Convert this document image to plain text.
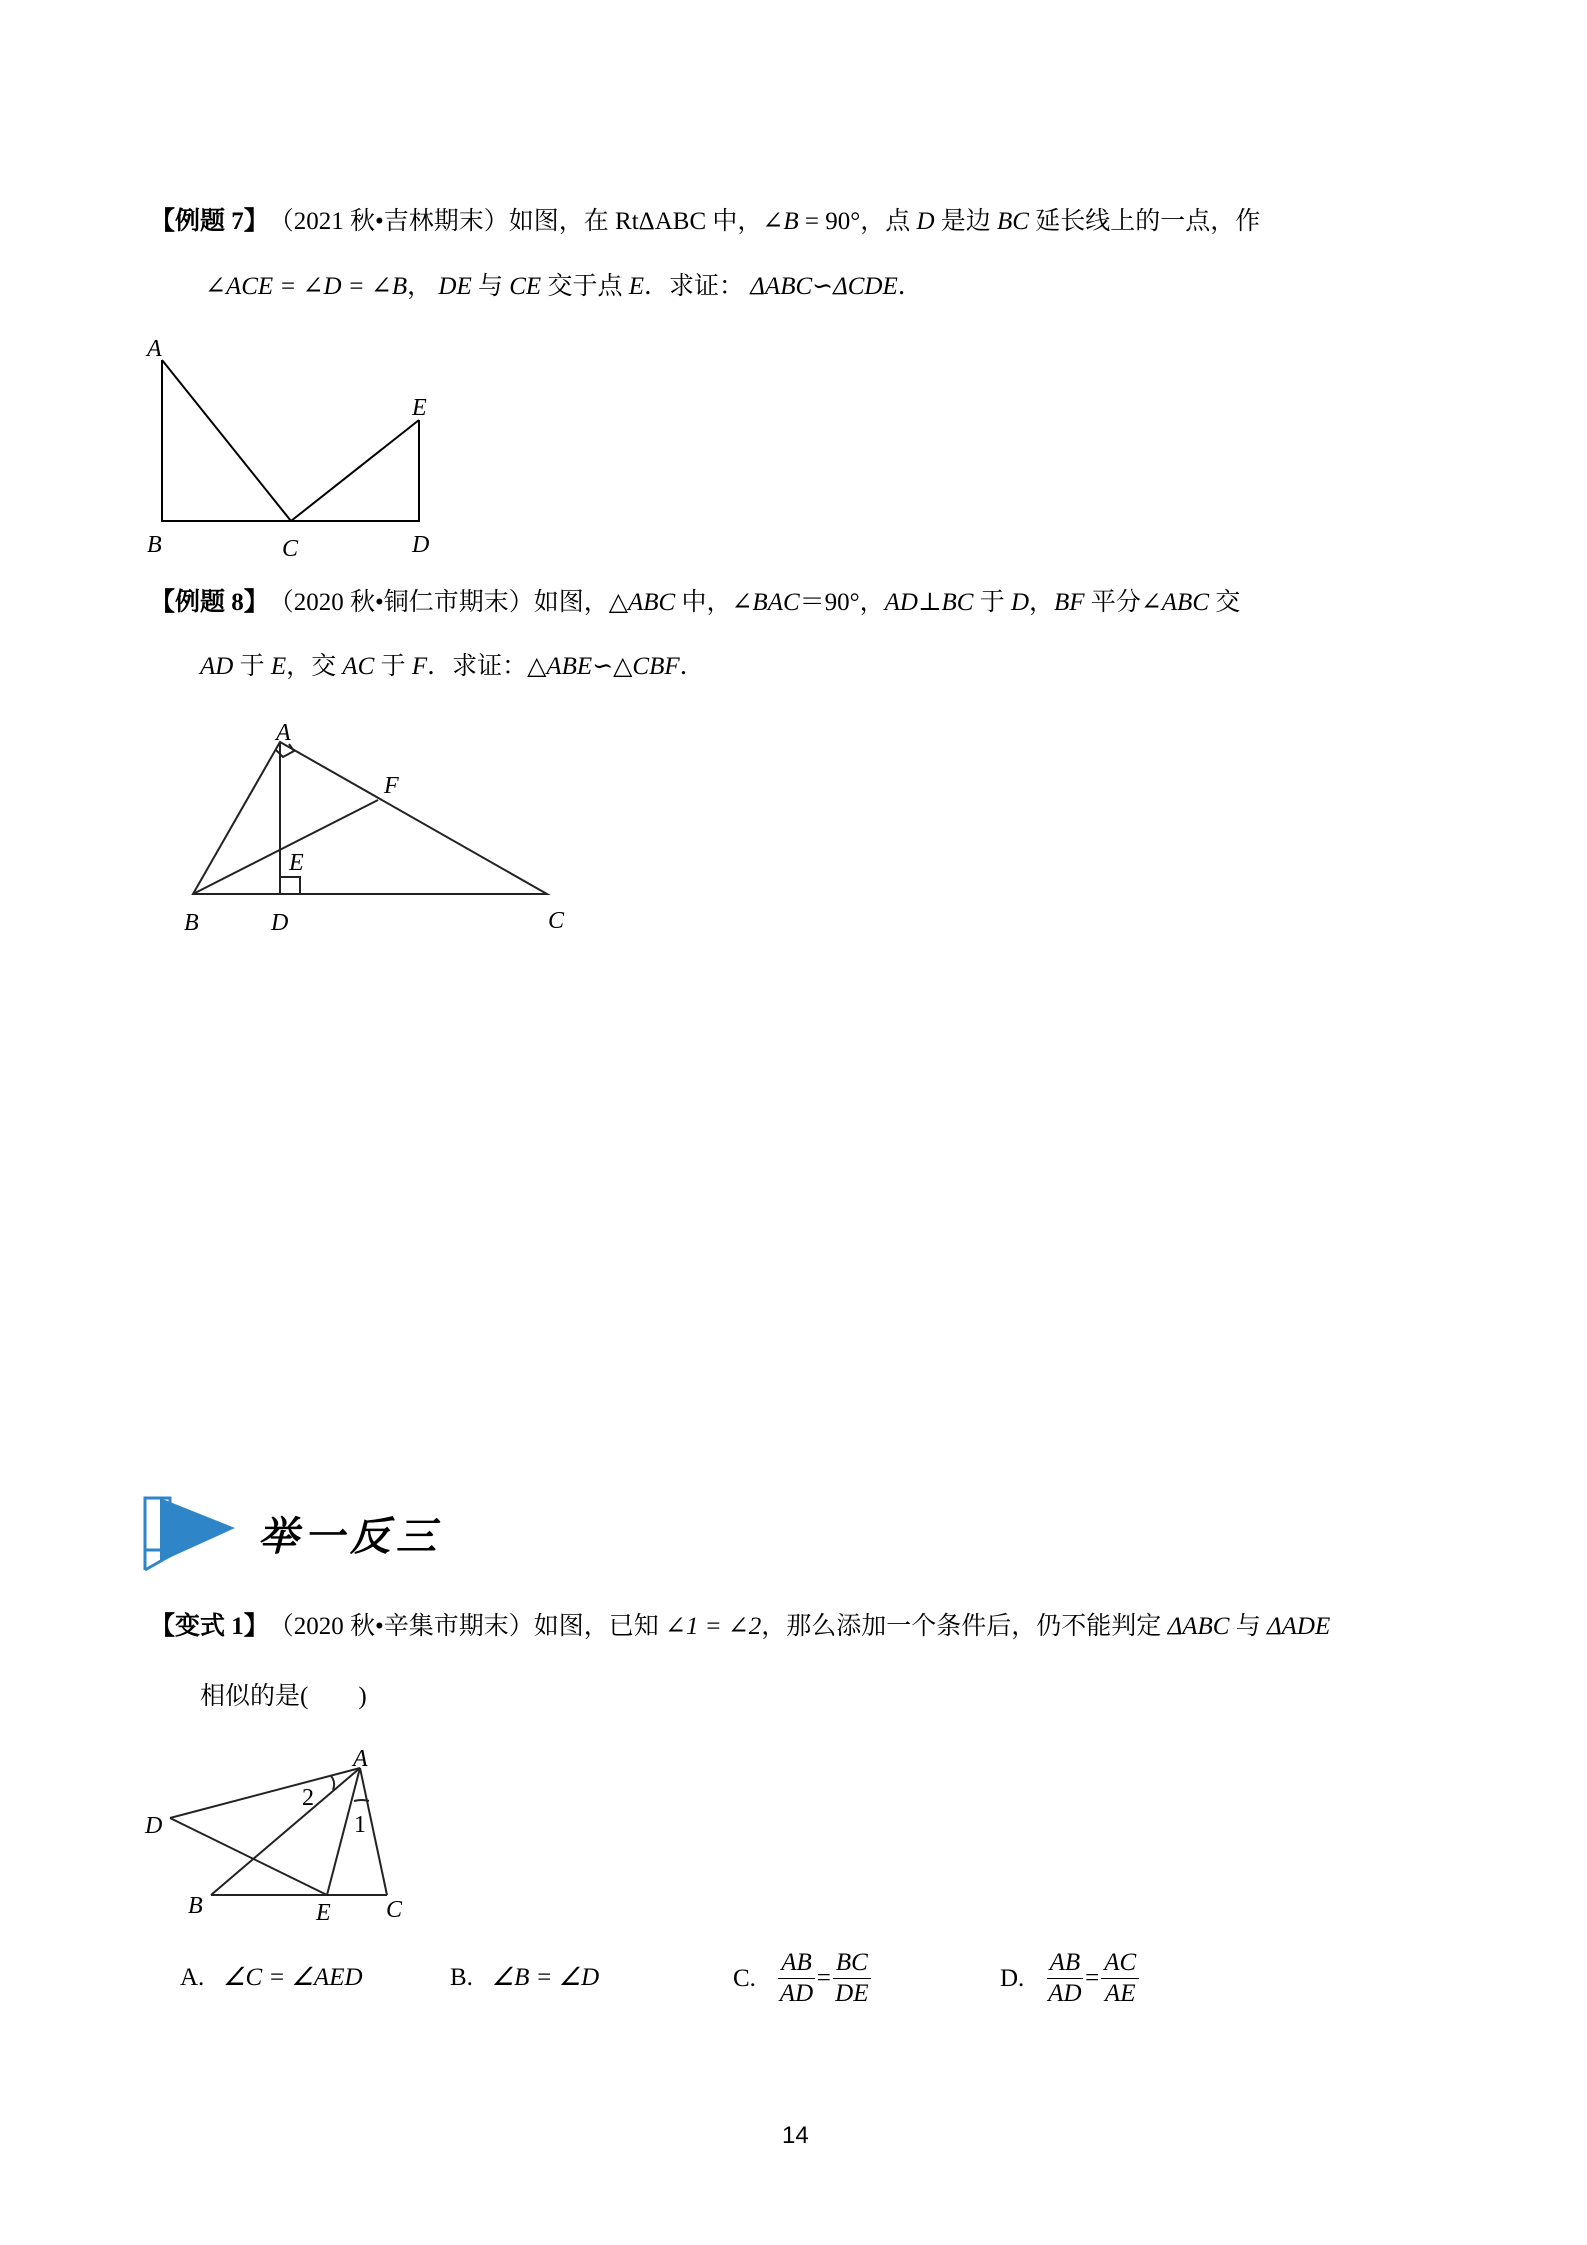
【例题 7】　（2021 秋•吉林期末）如图，在 RtΔABC 中，∠B = 90°，点 D 是边 BC 延长线上的一点，作
∠ACE = ∠D = ∠B， DE 与 CE 交于点 E．求证： ΔABC∽ΔCDE．
A
E
B	C	D
【例题 8】　（2020 秋•铜仁市期末）如图，△ABC 中，∠BAC＝90°，AD⊥BC 于 D，BF 平分∠ABC 交
AD 于 E，交 AC 于 F．求证：△ABE∽△CBF．
A
F
E
B	D	C
举一反三
【变式 1】　（2020 秋•辛集市期末）如图，已知 ∠1 = ∠2，那么添加一个条件后，仍不能判定 ΔABC 与 ΔADE
相似的是(　　)
A
D
B	E C
1
2
A. ∠C = ∠AED	B. ∠B = ∠D	C. $\frac{AB}{AD} = \frac{BC}{DE}$	D. $\frac{AB}{AD} = \frac{AC}{AE}$
14
